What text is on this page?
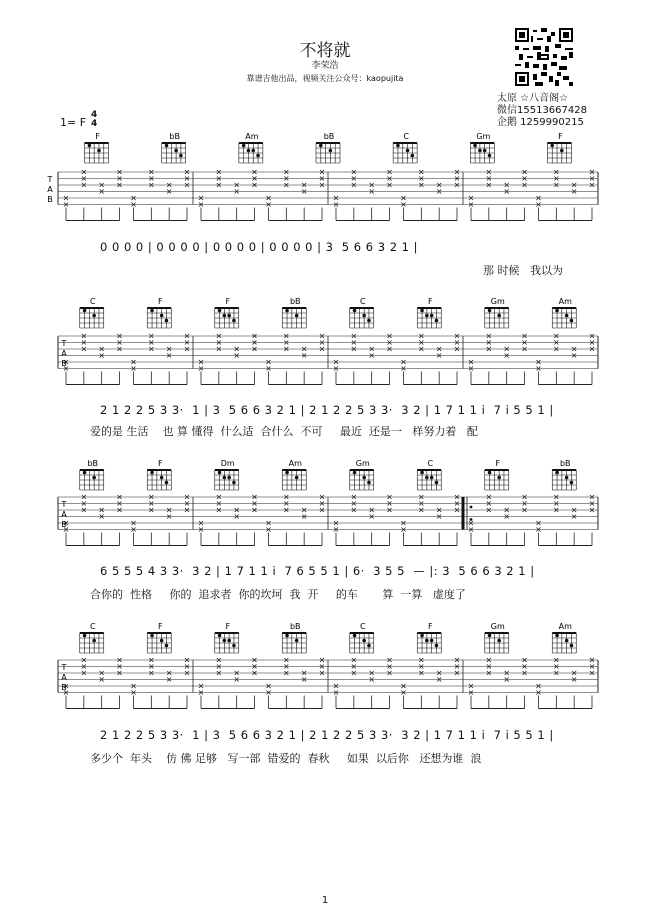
不将就
李荣浩
靠谱吉他出品，视频关注公众号：kaopujita
太原 ☆八音阁☆
微信15513667428
企鹅 1259990215
1= F
4
4
T
A
B
F	bB	Am	bB	C	Gm	F
T
A
B
C	F	F	bB	C	F	Gm	Am
T
A
B
bB	F	Dm	Am	Gm	C	F	bB
T
A
B
C	F	F	bB	C	F	Gm	Am
0 0 0 0 | 0 0 0 0 | 0 0 0 0 | 0 0 0 0 | 3  5 6 6 3 2 1 |
那 时候   我以为
2 1 2 2 5 3 3·  1 | 3  5 6 6 3 2 1 | 2 1 2 2 5 3 3·  3 2 | 1 7 1 1 i  7 i 5 5 1 |
爱的是 生活    也 算 懂得  什么适  合什么  不可     最近  还是一   样努力着   配
6 5 5 5 4 3 3·  3 2 | 1 7 1 1 i  7 6 5 5 1 | 6·  3 5 5  — |: 3  5 6 6 3 2 1 |
合你的  性格     你的  追求者  你的坎坷  我  开     的车       算  一算   虚度了
2 1 2 2 5 3 3·  1 | 3  5 6 6 3 2 1 | 2 1 2 2 5 3 3·  3 2 | 1 7 1 1 i  7 i 5 5 1 |
多少个  年头    仿 佛 足够   写一部  错爱的  春秋     如果  以后你   还想为谁  浪
1
